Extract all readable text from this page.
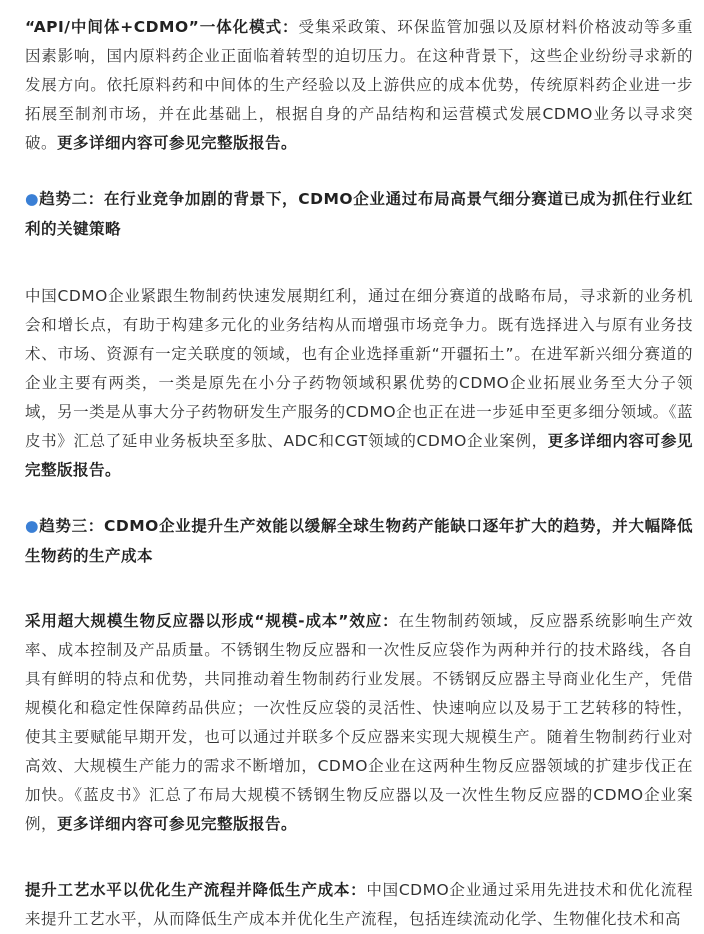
“API/中间体+CDMO”一体化模式：受集采政策、环保监管加强以及原材料价格波动等多重因素影响，国内原料药企业正面临着转型的迫切压力。在这种背景下，这些企业纷纷寻求新的发展方向。依托原料药和中间体的生产经验以及上游供应的成本优势，传统原料药企业进一步拓展至制剂市场，并在此基础上，根据自身的产品结构和运营模式发展CDMO业务以寻求突破。更多详细内容可参见完整版报告。

●趋势二：在行业竞争加剧的背景下，CDMO企业通过布局高景气细分赛道已成为抓住行业红利的关键策略

中国CDMO企业紧跟生物制药快速发展期红利，通过在细分赛道的战略布局，寻求新的业务机会和增长点，有助于构建多元化的业务结构从而增强市场竞争力。既有选择进入与原有业务技术、市场、资源有一定关联度的领域，也有企业选择重新“开疆拓土”。在进军新兴细分赛道的企业主要有两类，一类是原先在小分子药物领域积累优势的CDMO企业拓展业务至大分子领域，另一类是从事大分子药物研发生产服务的CDMO企也正在进一步延申至更多细分领域。《蓝皮书》汇总了延申业务板块至多肽、ADC和CGT领域的CDMO企业案例，更多详细内容可参见完整版报告。

●趋势三：CDMO企业提升生产效能以缓解全球生物药产能缺口逐年扩大的趋势，并大幅降低生物药的生产成本

采用超大规模生物反应器以形成“规模-成本”效应：在生物制药领域，反应器系统影响生产效率、成本控制及产品质量。不锈钢生物反应器和一次性反应袋作为两种并行的技术路线，各自具有鲜明的特点和优势，共同推动着生物制药行业发展。不锈钢反应器主导商业化生产，凭借规模化和稳定性保障药品供应；一次性反应袋的灵活性、快速响应以及易于工艺转移的特性，使其主要赋能早期开发，也可以通过并联多个反应器来实现大规模生产。随着生物制药行业对高效、大规模生产能力的需求不断增加，CDMO企业在这两种生物反应器领域的扩建步伐正在加快。《蓝皮书》汇总了布局大规模不锈钢生物反应器以及一次性生物反应器的CDMO企业案例，更多详细内容可参见完整版报告。

提升工艺水平以优化生产流程并降低生产成本：中国CDMO企业通过采用先进技术和优化流程来提升工艺水平，从而降低生产成本并优化生产流程，包括连续流动化学、生物催化技术和高
